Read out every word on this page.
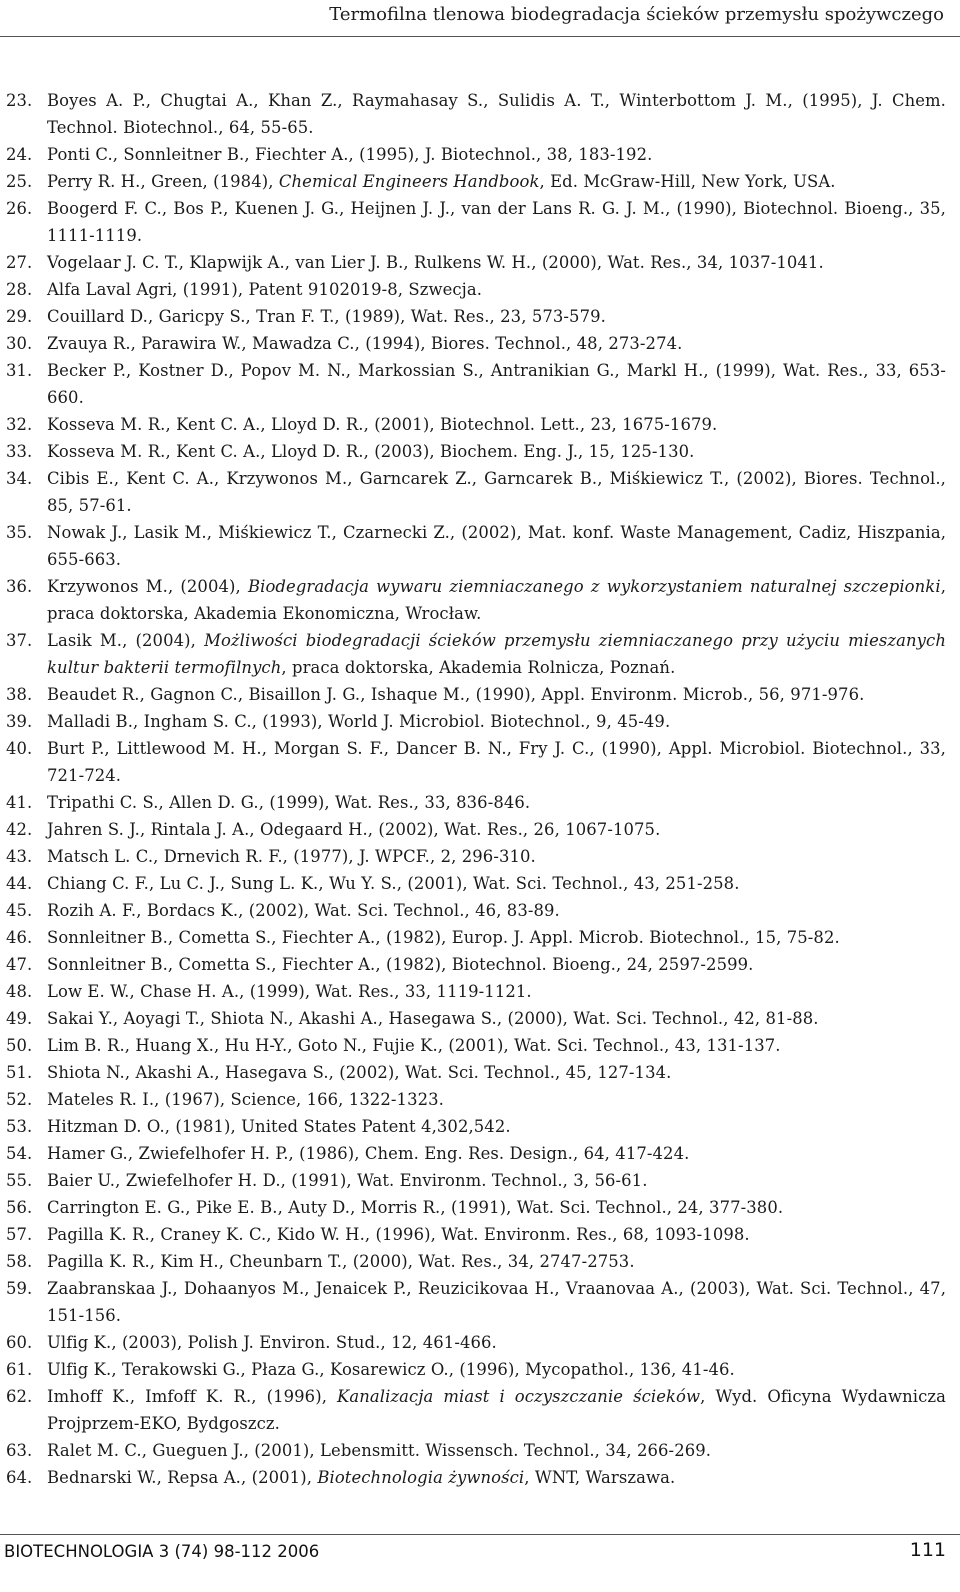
Termofilna tlenowa biodegradacja ścieków przemysłu spożywczego
23. Boyes A. P., Chugtai A., Khan Z., Raymahasay S., Sulidis A. T., Winterbottom J. M., (1995), J. Chem. Technol. Biotechnol., 64, 55-65.
24. Ponti C., Sonnleitner B., Fiechter A., (1995), J. Biotechnol., 38, 183-192.
25. Perry R. H., Green, (1984), Chemical Engineers Handbook, Ed. McGraw-Hill, New York, USA.
26. Boogerd F. C., Bos P., Kuenen J. G., Heijnen J. J., van der Lans R. G. J. M., (1990), Biotechnol. Bioeng., 35, 1111-1119.
27. Vogelaar J. C. T., Klapwijk A., van Lier J. B., Rulkens W. H., (2000), Wat. Res., 34, 1037-1041.
28. Alfa Laval Agri, (1991), Patent 9102019-8, Szwecja.
29. Couillard D., Garicpy S., Tran F. T., (1989), Wat. Res., 23, 573-579.
30. Zvauya R., Parawira W., Mawadza C., (1994), Biores. Technol., 48, 273-274.
31. Becker P., Kostner D., Popov M. N., Markossian S., Antranikian G., Markl H., (1999), Wat. Res., 33, 653-660.
32. Kosseva M. R., Kent C. A., Lloyd D. R., (2001), Biotechnol. Lett., 23, 1675-1679.
33. Kosseva M. R., Kent C. A., Lloyd D. R., (2003), Biochem. Eng. J., 15, 125-130.
34. Cibis E., Kent C. A., Krzywonos M., Garncarek Z., Garncarek B., Miśkiewicz T., (2002), Biores. Technol., 85, 57-61.
35. Nowak J., Lasik M., Miśkiewicz T., Czarnecki Z., (2002), Mat. konf. Waste Management, Cadiz, Hiszpania, 655-663.
36. Krzywonos M., (2004), Biodegradacja wywaru ziemniaczanego z wykorzystaniem naturalnej szczepionki, praca doktorska, Akademia Ekonomiczna, Wrocław.
37. Lasik M., (2004), Możliwości biodegradacji ścieków przemysłu ziemniaczanego przy użyciu mieszanych kultur bakterii termofilnych, praca doktorska, Akademia Rolnicza, Poznań.
38. Beaudet R., Gagnon C., Bisaillon J. G., Ishaque M., (1990), Appl. Environm. Microb., 56, 971-976.
39. Malladi B., Ingham S. C., (1993), World J. Microbiol. Biotechnol., 9, 45-49.
40. Burt P., Littlewood M. H., Morgan S. F., Dancer B. N., Fry J. C., (1990), Appl. Microbiol. Biotechnol., 33, 721-724.
41. Tripathi C. S., Allen D. G., (1999), Wat. Res., 33, 836-846.
42. Jahren S. J., Rintala J. A., Odegaard H., (2002), Wat. Res., 26, 1067-1075.
43. Matsch L. C., Drnevich R. F., (1977), J. WPCF., 2, 296-310.
44. Chiang C. F., Lu C. J., Sung L. K., Wu Y. S., (2001), Wat. Sci. Technol., 43, 251-258.
45. Rozih A. F., Bordacs K., (2002), Wat. Sci. Technol., 46, 83-89.
46. Sonnleitner B., Cometta S., Fiechter A., (1982), Europ. J. Appl. Microb. Biotechnol., 15, 75-82.
47. Sonnleitner B., Cometta S., Fiechter A., (1982), Biotechnol. Bioeng., 24, 2597-2599.
48. Low E. W., Chase H. A., (1999), Wat. Res., 33, 1119-1121.
49. Sakai Y., Aoyagi T., Shiota N., Akashi A., Hasegawa S., (2000), Wat. Sci. Technol., 42, 81-88.
50. Lim B. R., Huang X., Hu H-Y., Goto N., Fujie K., (2001), Wat. Sci. Technol., 43, 131-137.
51. Shiota N., Akashi A., Hasegava S., (2002), Wat. Sci. Technol., 45, 127-134.
52. Mateles R. I., (1967), Science, 166, 1322-1323.
53. Hitzman D. O., (1981), United States Patent 4,302,542.
54. Hamer G., Zwiefelhofer H. P., (1986), Chem. Eng. Res. Design., 64, 417-424.
55. Baier U., Zwiefelhofer H. D., (1991), Wat. Environm. Technol., 3, 56-61.
56. Carrington E. G., Pike E. B., Auty D., Morris R., (1991), Wat. Sci. Technol., 24, 377-380.
57. Pagilla K. R., Craney K. C., Kido W. H., (1996), Wat. Environm. Res., 68, 1093-1098.
58. Pagilla K. R., Kim H., Cheunbarn T., (2000), Wat. Res., 34, 2747-2753.
59. Zaabranskaa J., Dohaanyos M., Jenaicek P., Reuzicikovaa H., Vraanovaa A., (2003), Wat. Sci. Technol., 47, 151-156.
60. Ulfig K., (2003), Polish J. Environ. Stud., 12, 461-466.
61. Ulfig K., Terakowski G., Płaza G., Kosarewicz O., (1996), Mycopathol., 136, 41-46.
62. Imhoff K., Imfoff K. R., (1996), Kanalizacja miast i oczyszczanie ścieków, Wyd. Oficyna Wydawnicza Projprzem-EKO, Bydgoszcz.
63. Ralet M. C., Gueguen J., (2001), Lebensmitt. Wissensch. Technol., 34, 266-269.
64. Bednarski W., Repsa A., (2001), Biotechnologia żywności, WNT, Warszawa.
BIOTECHNOLOGIA 3 (74) 98-112 2006	111
